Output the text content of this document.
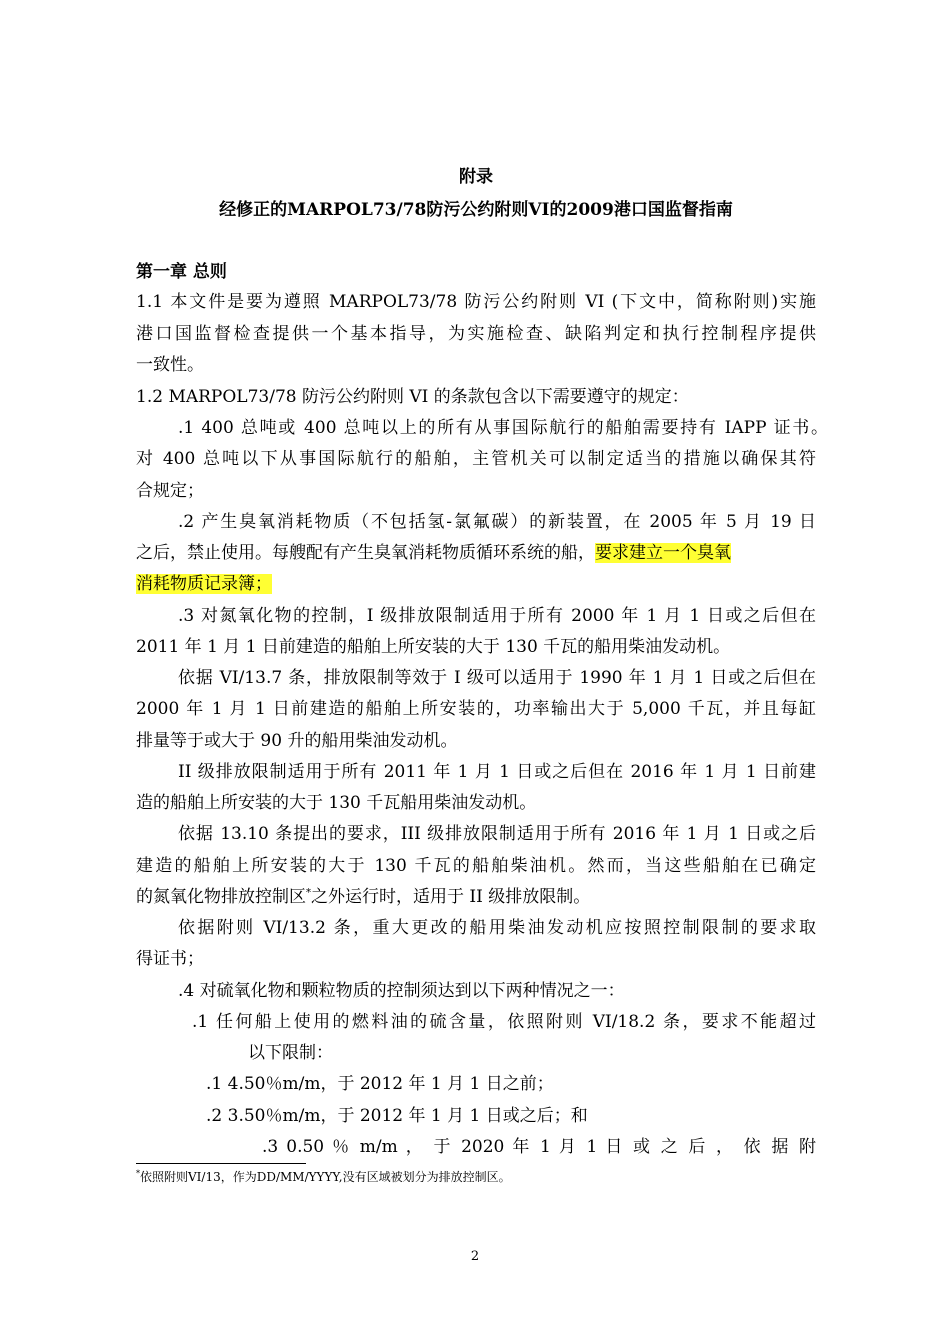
附录

经修正的MARPOL73/78防污公约附则VI的2009港口国监督指南

第一章 总则

1.1 本文件是要为遵照 MARPOL73/78 防污公约附则 VI (下文中，简称附则)实施

港口国监督检查提供一个基本指导，为实施检查、缺陷判定和执行控制程序提供

一致性。

1.2 MARPOL73/78 防污公约附则 VI 的条款包含以下需要遵守的规定：

.1 400 总吨或 400 总吨以上的所有从事国际航行的船舶需要持有 IAPP 证书。

对 400 总吨以下从事国际航行的船舶，主管机关可以制定适当的措施以确保其符

合规定；

.2 产生臭氧消耗物质（不包括氢-氯氟碳）的新装置，在 2005 年 5 月 19 日

之后，禁止使用。每艘配有产生臭氧消耗物质循环系统的船，要求建立一个臭氧

消耗物质记录簿；

.3 对氮氧化物的控制，I 级排放限制适用于所有 2000 年 1 月 1 日或之后但在

2011 年 1 月 1 日前建造的船舶上所安装的大于 130 千瓦的船用柴油发动机。

依据 VI/13.7 条，排放限制等效于 I 级可以适用于 1990 年 1 月 1 日或之后但在

2000 年 1 月 1 日前建造的船舶上所安装的，功率输出大于 5,000 千瓦，并且每缸

排量等于或大于 90 升的船用柴油发动机。

II 级排放限制适用于所有 2011 年 1 月 1 日或之后但在 2016 年 1 月 1 日前建

造的船舶上所安装的大于 130 千瓦船用柴油发动机。

依据 13.10 条提出的要求，III 级排放限制适用于所有 2016 年 1 月 1 日或之后

建造的船舶上所安装的大于 130 千瓦的船舶柴油机。然而，当这些船舶在已确定

的氮氧化物排放控制区*之外运行时，适用于 II 级排放限制。

依据附则 VI/13.2 条，重大更改的船用柴油发动机应按照控制限制的要求取

得证书；

.4 对硫氧化物和颗粒物质的控制须达到以下两种情况之一：

.1 任何船上使用的燃料油的硫含量，依照附则 VI/18.2 条，要求不能超过

以下限制：

.1 4.50％m/m，于 2012 年 1 月 1 日之前；

.2 3.50％m/m，于 2012 年 1 月 1 日或之后；和

.3 0.50 ％ m/m ， 于 2020 年 1 月 1 日 或 之 后 ， 依 据 附

*依照附则VI/13，作为DD/MM/YYYY,没有区域被划分为排放控制区。

2
